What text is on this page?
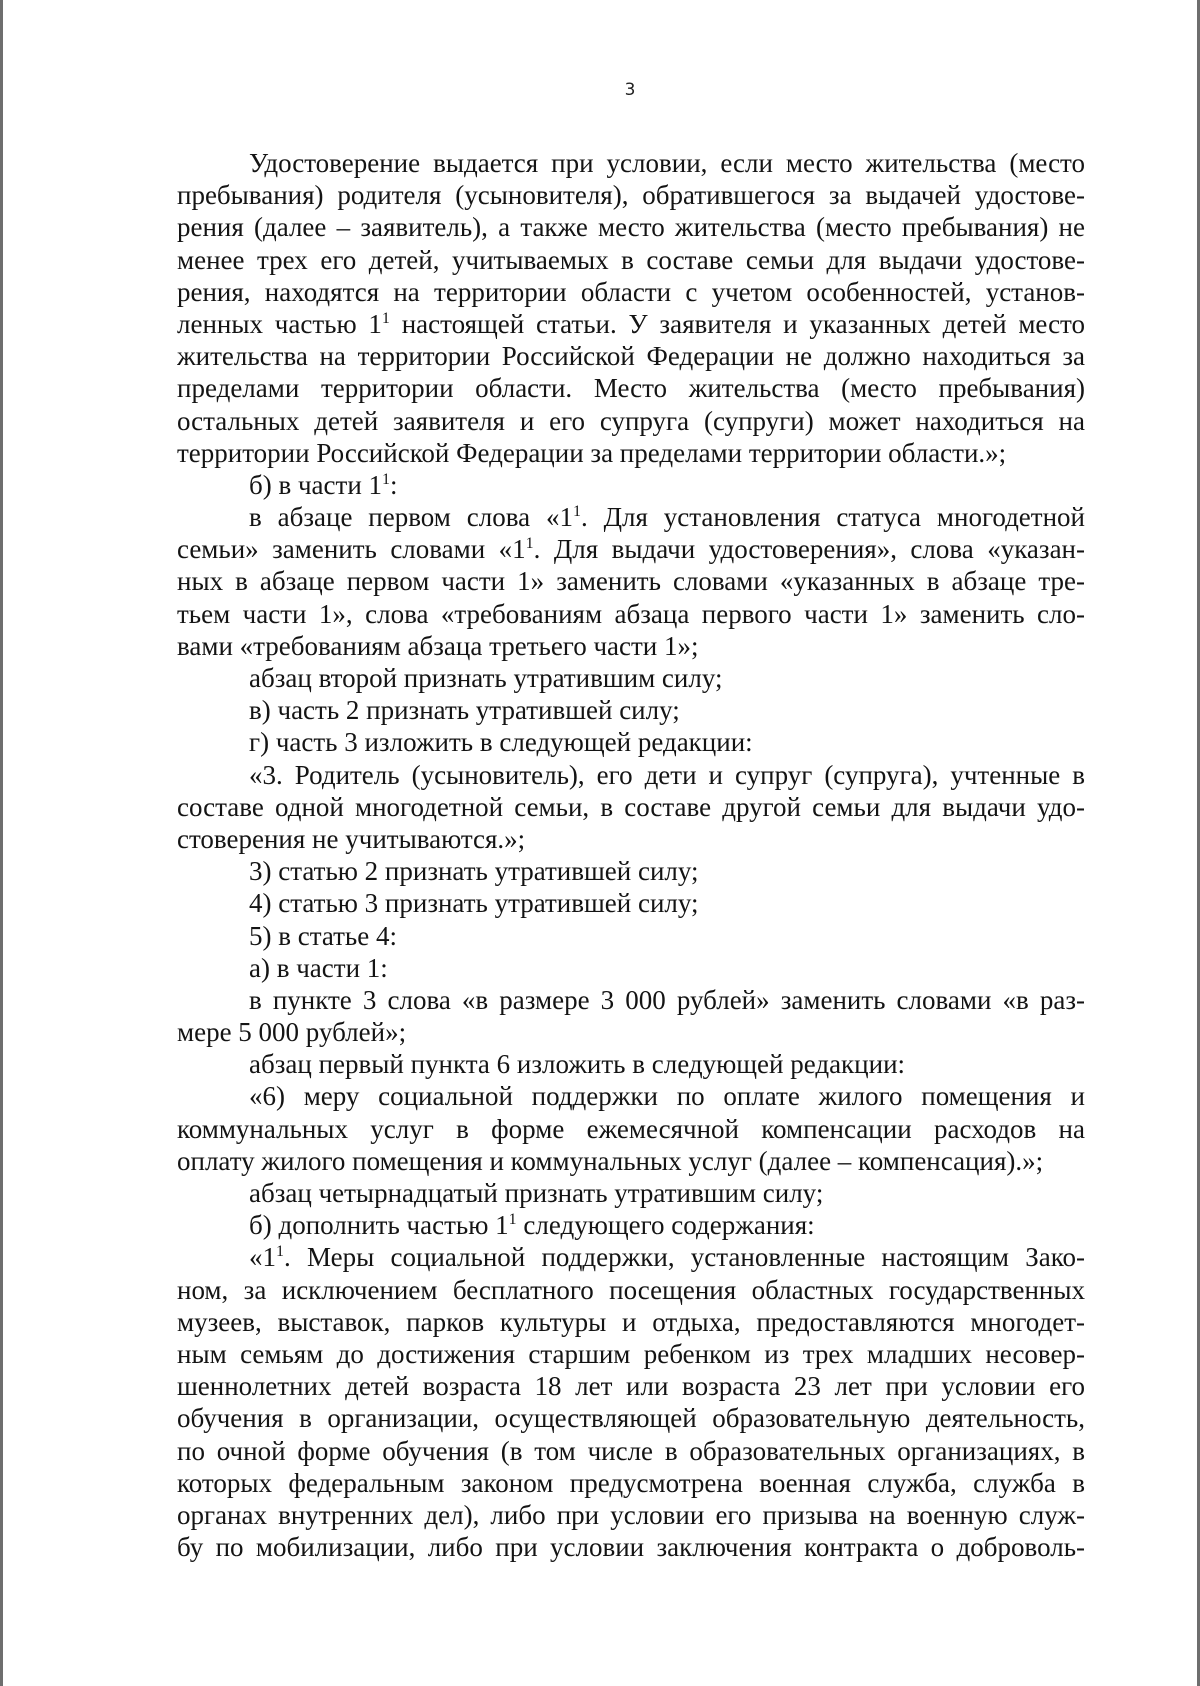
3
Удостоверение выдается при условии, если место жительства (место
пребывания) родителя (усыновителя), обратившегося за выдачей удостове-
рения (далее – заявитель), а также место жительства (место пребывания) не
менее трех его детей, учитываемых в составе семьи для выдачи удостове-
рения, находятся на территории области с учетом особенностей, установ-
ленных частью $1^1$ настоящей статьи. У заявителя и указанных детей место
жительства на территории Российской Федерации не должно находиться за
пределами территории области. Место жительства (место пребывания)
остальных детей заявителя и его супруга (супруги) может находиться на
территории Российской Федерации за пределами территории области.»;
б) в части $1^1$:
в абзаце первом слова «$1^1$. Для установления статуса многодетной
семьи» заменить словами «$1^1$. Для выдачи удостоверения», слова «указан-
ных в абзаце первом части 1» заменить словами «указанных в абзаце тре-
тьем части 1», слова «требованиям абзаца первого части 1» заменить сло-
вами «требованиям абзаца третьего части 1»;
абзац второй признать утратившим силу;
в) часть 2 признать утратившей силу;
г) часть 3 изложить в следующей редакции:
«3. Родитель (усыновитель), его дети и супруг (супруга), учтенные в
составе одной многодетной семьи, в составе другой семьи для выдачи удо-
стоверения не учитываются.»;
3) статью 2 признать утратившей силу;
4) статью 3 признать утратившей силу;
5) в статье 4:
а) в части 1:
в пункте 3 слова «в размере 3 000 рублей» заменить словами «в раз-
мере 5 000 рублей»;
абзац первый пункта 6 изложить в следующей редакции:
«6) меру социальной поддержки по оплате жилого помещения и
коммунальных услуг в форме ежемесячной компенсации расходов на
оплату жилого помещения и коммунальных услуг (далее – компенсация).»;
абзац четырнадцатый признать утратившим силу;
б) дополнить частью $1^1$ следующего содержания:
«$1^1$. Меры социальной поддержки, установленные настоящим Зако-
ном, за исключением бесплатного посещения областных государственных
музеев, выставок, парков культуры и отдыха, предоставляются многодет-
ным семьям до достижения старшим ребенком из трех младших несовер-
шеннолетних детей возраста 18 лет или возраста 23 лет при условии его
обучения в организации, осуществляющей образовательную деятельность,
по очной форме обучения (в том числе в образовательных организациях, в
которых федеральным законом предусмотрена военная служба, служба в
органах внутренних дел), либо при условии его призыва на военную служ-
бу по мобилизации, либо при условии заключения контракта о доброволь-
